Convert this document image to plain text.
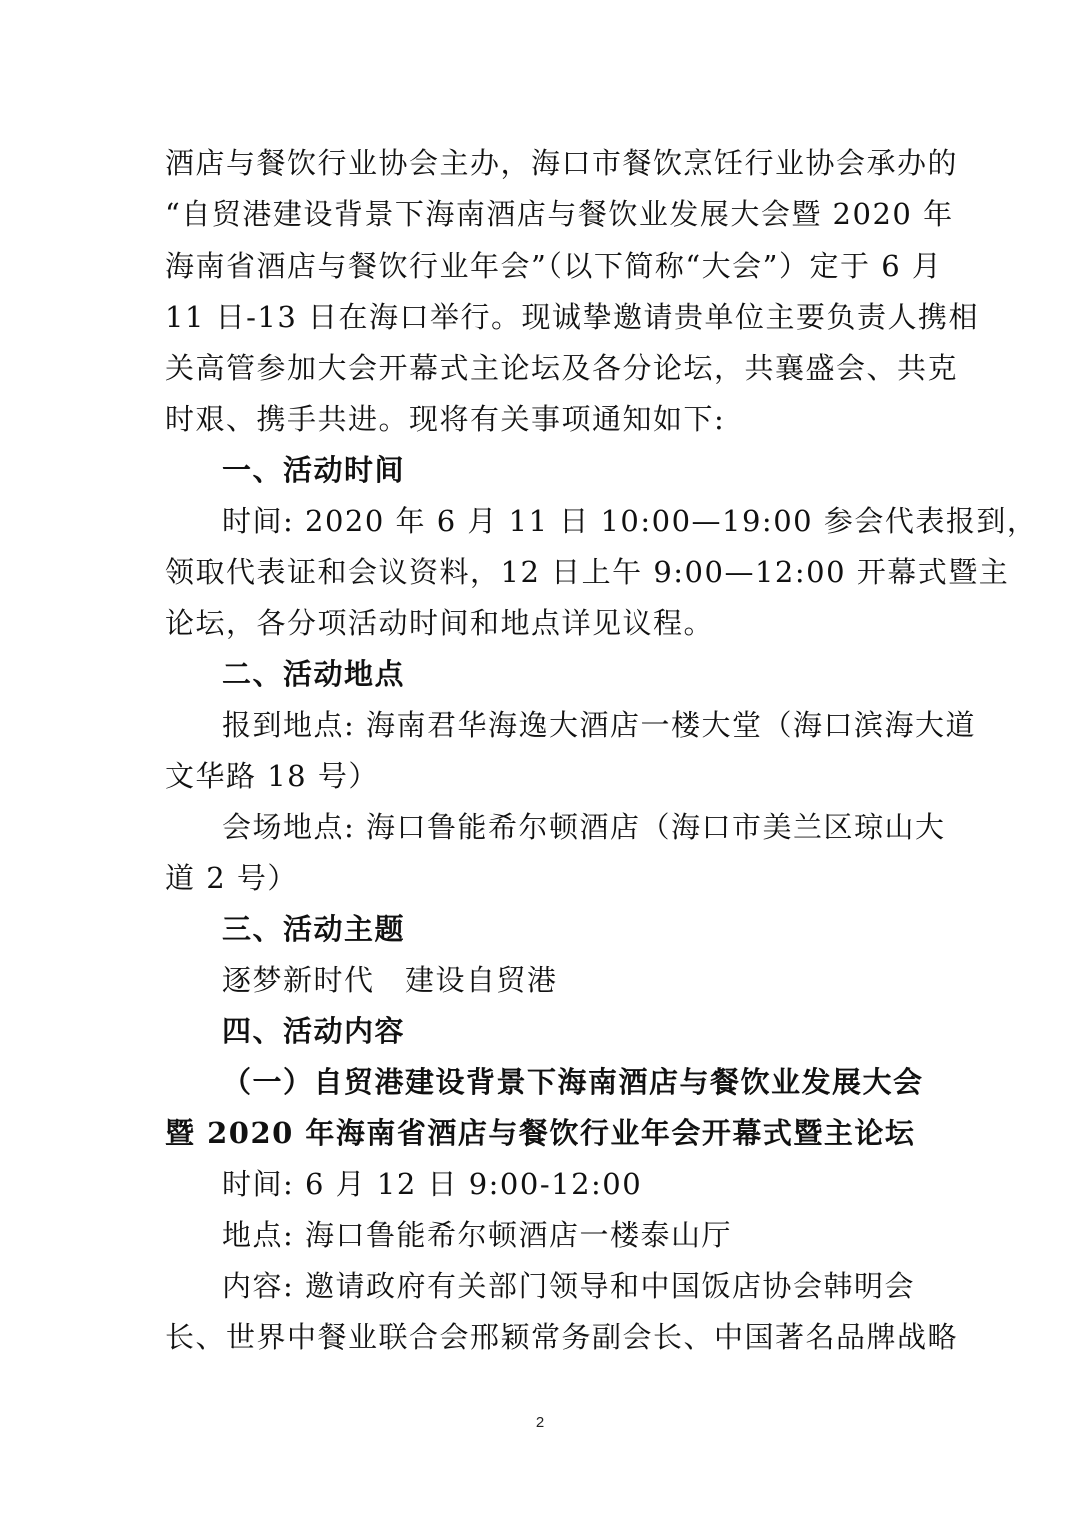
酒店与餐饮行业协会主办，海口市餐饮烹饪行业协会承办的
“自贸港建设背景下海南酒店与餐饮业发展大会暨 2020 年
海南省酒店与餐饮行业年会”（以下简称“大会”）定于 6 月
11 日-13 日在海口举行。现诚挚邀请贵单位主要负责人携相
关高管参加大会开幕式主论坛及各分论坛，共襄盛会、共克
时艰、携手共进。现将有关事项通知如下:
一、活动时间
时间: 2020 年 6 月 11 日 10:00—19:00 参会代表报到，
领取代表证和会议资料，12 日上午 9:00—12:00 开幕式暨主
论坛，各分项活动时间和地点详见议程。
二、活动地点
报到地点: 海南君华海逸大酒店一楼大堂（海口滨海大道
文华路 18 号）
会场地点: 海口鲁能希尔顿酒店（海口市美兰区琼山大
道 2 号）
三、活动主题
逐梦新时代　建设自贸港
四、活动内容
（一）自贸港建设背景下海南酒店与餐饮业发展大会
暨 2020 年海南省酒店与餐饮行业年会开幕式暨主论坛
时间: 6 月 12 日 9:00-12:00
地点: 海口鲁能希尔顿酒店一楼泰山厅
内容: 邀请政府有关部门领导和中国饭店协会韩明会
长、世界中餐业联合会邢颖常务副会长、中国著名品牌战略
2
